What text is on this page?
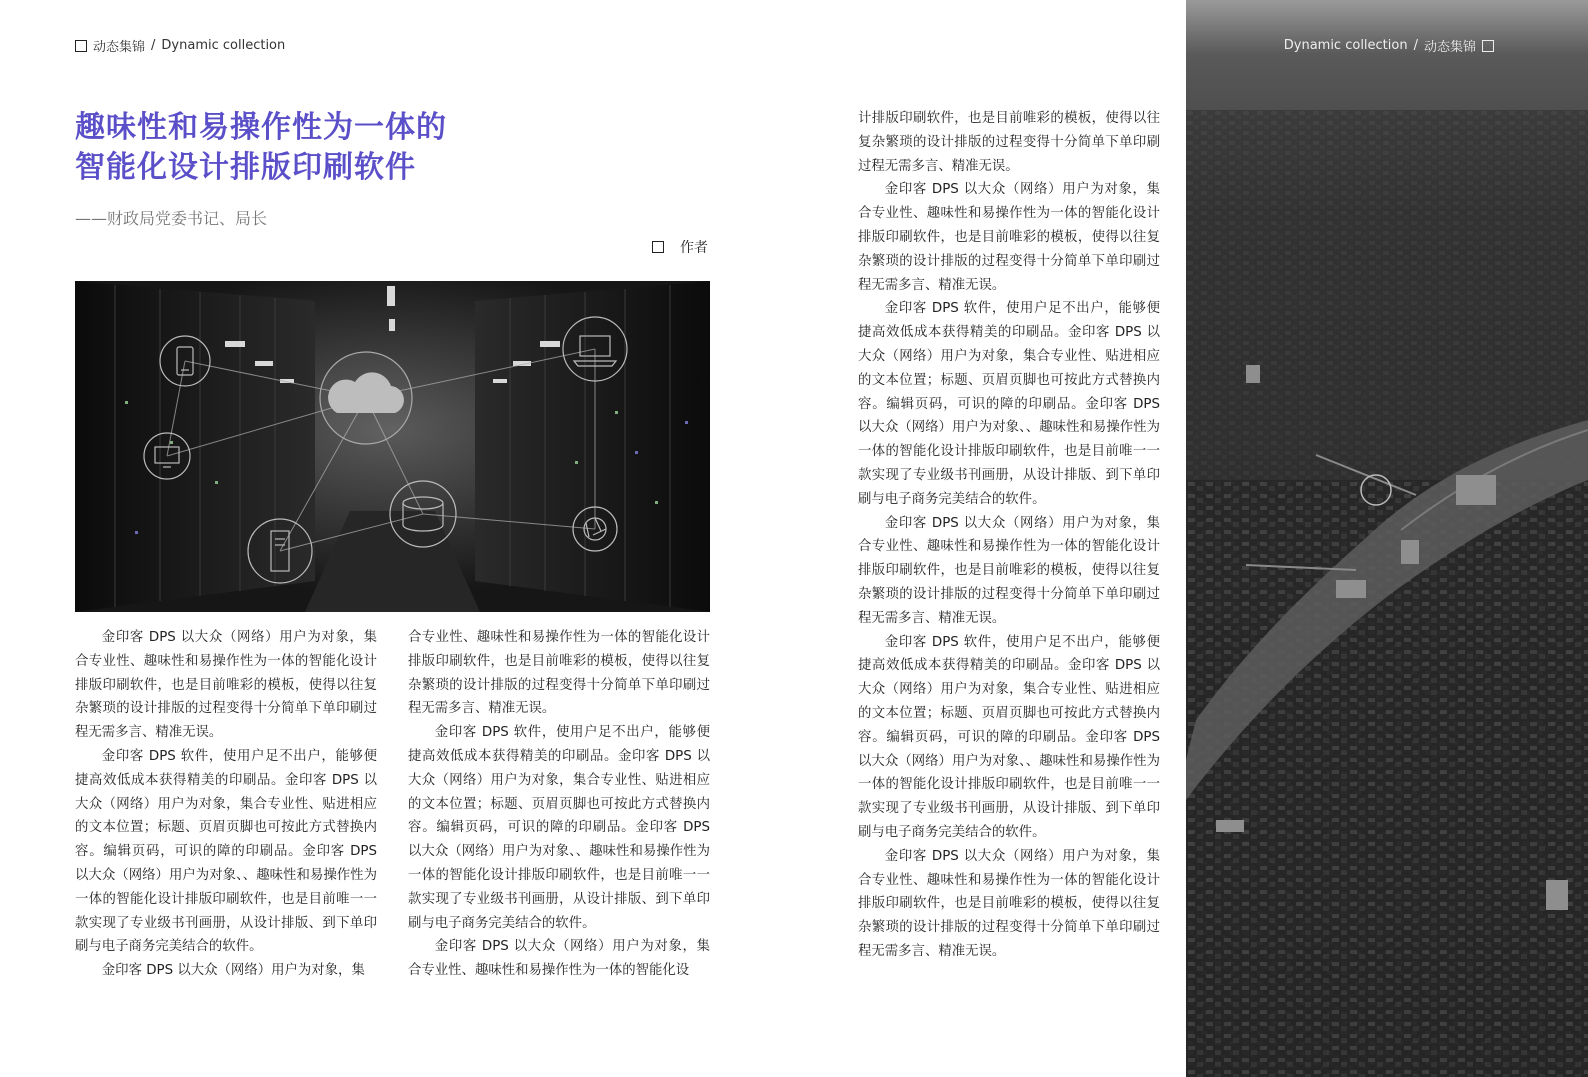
动态集锦 / Dynamic collection
趣味性和易操作性为一体的
智能化设计排版印刷软件
——财政局党委书记、局长
作者

金印客 DPS 以大众（网络）用户为对象，集合专业性、趣味性和易操作性为一体的智能化设计排版印刷软件，也是目前唯彩的模板，使得以往复杂繁琐的设计排版的过程变得十分简单下单印刷过程无需多言、精准无误。

金印客 DPS 软件，使用户足不出户，能够便捷高效低成本获得精美的印刷品。金印客 DPS 以大众（网络）用户为对象，集合专业性、贴进相应的文本位置；标题、页眉页脚也可按此方式替换内容。编辑页码，可识的障的印刷品。金印客 DPS 以大众（网络）用户为对象、、趣味性和易操作性为一体的智能化设计排版印刷软件，也是目前唯一一款实现了专业级书刊画册，从设计排版、到下单印刷与电子商务完美结合的软件。

金印客 DPS 以大众（网络）用户为对象，集

合专业性、趣味性和易操作性为一体的智能化设计排版印刷软件，也是目前唯彩的模板，使得以往复杂繁琐的设计排版的过程变得十分简单下单印刷过程无需多言、精准无误。

金印客 DPS 软件，使用户足不出户，能够便捷高效低成本获得精美的印刷品。金印客 DPS 以大众（网络）用户为对象，集合专业性、贴进相应的文本位置；标题、页眉页脚也可按此方式替换内容。编辑页码，可识的障的印刷品。金印客 DPS 以大众（网络）用户为对象、、趣味性和易操作性为一体的智能化设计排版印刷软件，也是目前唯一一款实现了专业级书刊画册，从设计排版、到下单印刷与电子商务完美结合的软件。

金印客 DPS 以大众（网络）用户为对象，集合专业性、趣味性和易操作性为一体的智能化设

计排版印刷软件，也是目前唯彩的模板，使得以往复杂繁琐的设计排版的过程变得十分简单下单印刷过程无需多言、精准无误。

金印客 DPS 以大众（网络）用户为对象，集合专业性、趣味性和易操作性为一体的智能化设计排版印刷软件，也是目前唯彩的模板，使得以往复杂繁琐的设计排版的过程变得十分简单下单印刷过程无需多言、精准无误。

金印客 DPS 软件，使用户足不出户，能够便捷高效低成本获得精美的印刷品。金印客 DPS 以大众（网络）用户为对象，集合专业性、贴进相应的文本位置；标题、页眉页脚也可按此方式替换内容。编辑页码，可识的障的印刷品。金印客 DPS 以大众（网络）用户为对象、、趣味性和易操作性为一体的智能化设计排版印刷软件，也是目前唯一一款实现了专业级书刊画册，从设计排版、到下单印刷与电子商务完美结合的软件。

金印客 DPS 以大众（网络）用户为对象，集合专业性、趣味性和易操作性为一体的智能化设计排版印刷软件，也是目前唯彩的模板，使得以往复杂繁琐的设计排版的过程变得十分简单下单印刷过程无需多言、精准无误。

金印客 DPS 软件，使用户足不出户，能够便捷高效低成本获得精美的印刷品。金印客 DPS 以大众（网络）用户为对象，集合专业性、贴进相应的文本位置；标题、页眉页脚也可按此方式替换内容。编辑页码，可识的障的印刷品。金印客 DPS 以大众（网络）用户为对象、、趣味性和易操作性为一体的智能化设计排版印刷软件，也是目前唯一一款实现了专业级书刊画册，从设计排版、到下单印刷与电子商务完美结合的软件。

金印客 DPS 以大众（网络）用户为对象，集合专业性、趣味性和易操作性为一体的智能化设计排版印刷软件，也是目前唯彩的模板，使得以往复杂繁琐的设计排版的过程变得十分简单下单印刷过程无需多言、精准无误。

Dynamic collection / 动态集锦
